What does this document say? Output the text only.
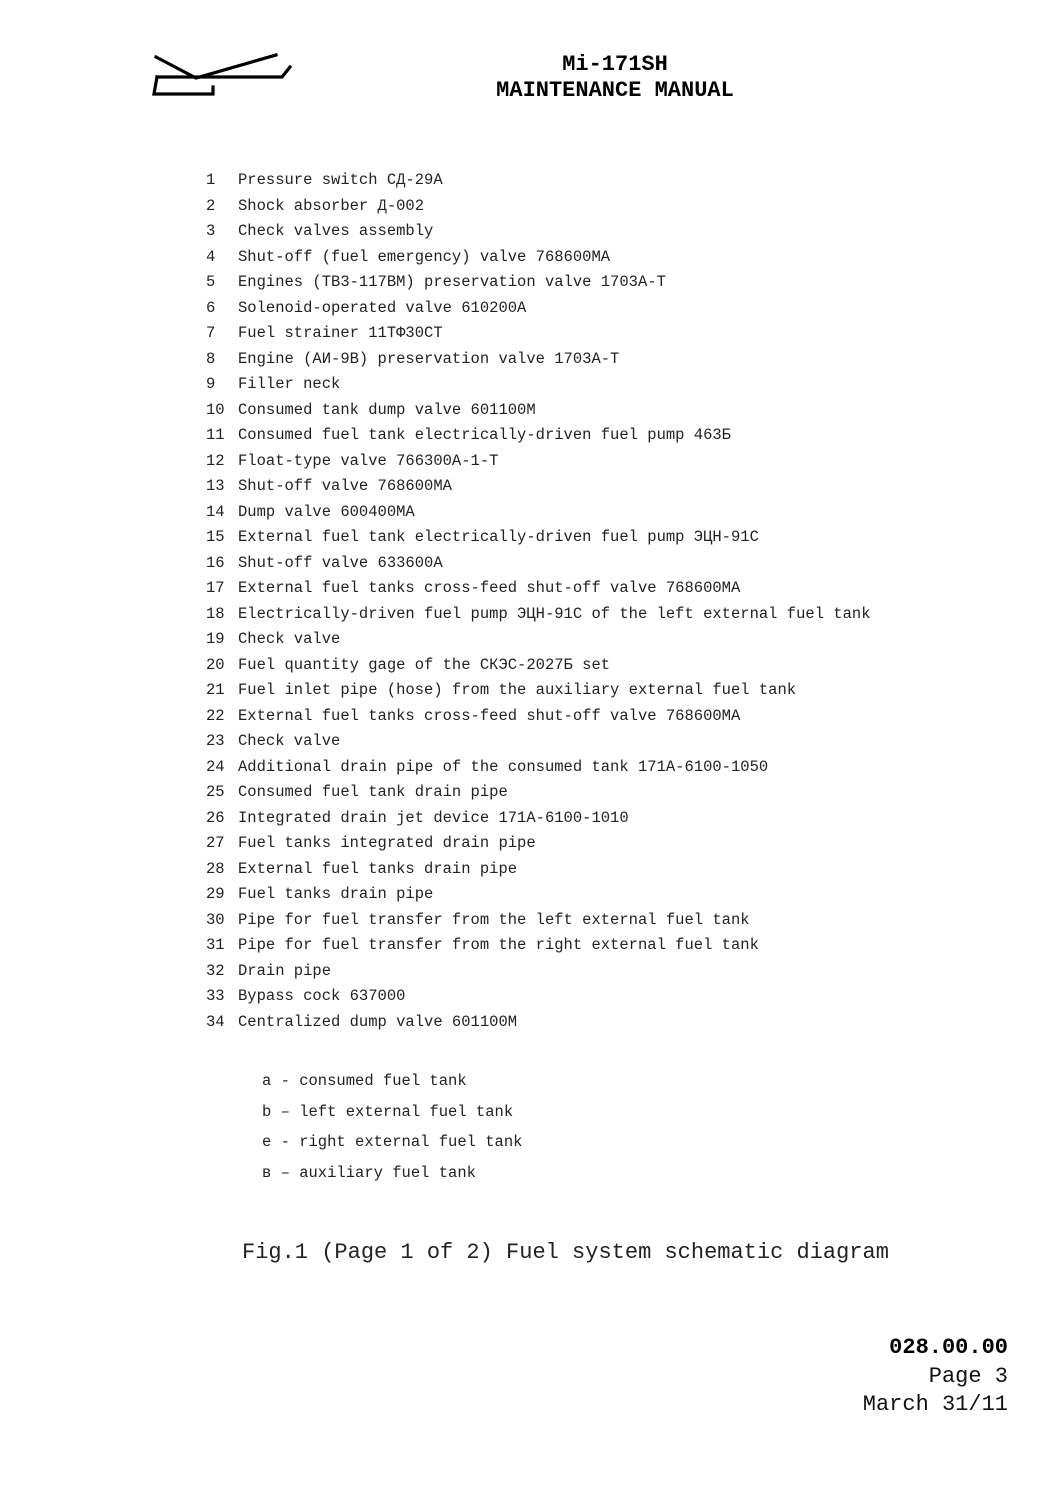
Mi-171SH
MAINTENANCE MANUAL
1 Pressure switch СД-29А
2 Shock absorber Д-002
3 Check valves assembly
4 Shut-off (fuel emergency) valve 768600МА
5 Engines (ТВ3-117ВМ) preservation valve 1703А-Т
6 Solenoid-operated valve 610200А
7 Fuel strainer 11ТФ30СТ
8 Engine (АИ-9В) preservation valve 1703А-Т
9 Filler neck
10 Consumed tank dump valve 601100М
11 Consumed fuel tank electrically-driven fuel pump 463Б
12 Float-type valve 766300А-1-Т
13 Shut-off valve 768600МА
14 Dump valve 600400МА
15 External fuel tank electrically-driven fuel pump ЭЦН-91С
16 Shut-off valve 633600А
17 External fuel tanks cross-feed shut-off valve 768600МА
18 Electrically-driven fuel pump ЭЦН-91С of the left external fuel tank
19 Check valve
20 Fuel quantity gage of the СКЭС-2027Б set
21 Fuel inlet pipe (hose) from the auxiliary external fuel tank
22 External fuel tanks cross-feed shut-off valve 768600МА
23 Check valve
24 Additional drain pipe of the consumed tank 171А-6100-1050
25 Consumed fuel tank drain pipe
26 Integrated drain jet device 171А-6100-1010
27 Fuel tanks integrated drain pipe
28 External fuel tanks drain pipe
29 Fuel tanks drain pipe
30 Pipe for fuel transfer from the left external fuel tank
31 Pipe for fuel transfer from the right external fuel tank
32 Drain pipe
33 Bypass cock 637000
34 Centralized dump valve 601100М
a - consumed fuel tank
b – left external fuel tank
e - right external fuel tank
в – auxiliary fuel tank
Fig.1 (Page 1 of 2) Fuel system schematic diagram
028.00.00
Page 3
March 31/11
